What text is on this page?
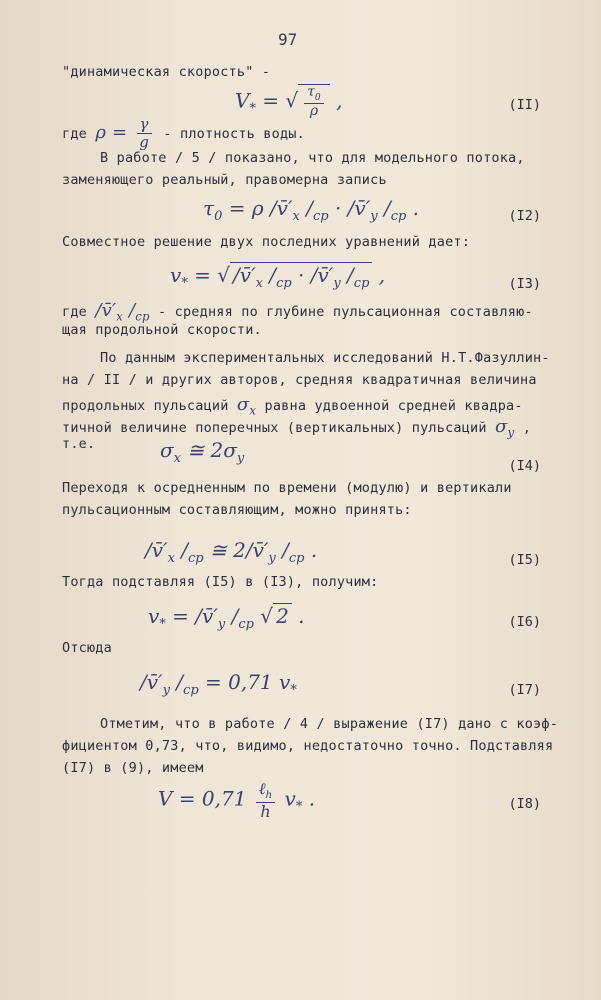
97
"динамическая скорость" -
$V_*$ = √ $\frac{\tau_0}{\rho}$ ,	(II)
где $\rho = \frac{\gamma}{g}$ - плотность воды.
В работе / 5 / показано, что для модельного потока,
заменяющего реальный, правомерна запись
$\tau_0 = \rho$ $/v̄'_x$ $/_{cp}$ · $/v̄'_y$ $/_{cp}$ .	(I2)
Совместное решение двух последних уравнений дает:
$v_*$ = √ $/v̄'_x$ $/_{cp}$ · $/v̄'_y$ $/_{cp}$ ,	(I3)
где $/v̄'_x$ $/_{cp}$ - средняя по глубине пульсационная составляю-
щая продольной скорости.
По данным экспериментальных исследований Н.Т.Фазуллин-
на / II / и других авторов, средняя квадратичная величина
продольных пульсаций $\sigma_x$ равна удвоенной средней квадра-
тичной величине поперечных (вертикальных) пульсаций $\sigma_y$ ,
т.е.	$\sigma_x$ ≅ $2\sigma_y$	(I4)
Переходя к осредненным по времени (модулю) и вертикали
пульсационным составляющим, можно принять:
$/v̄'_x$ $/_{cp}$ ≅ $2/v̄'_y$ $/_{cp}$ .	(I5)
Тогда подставляя (I5) в (I3), получим:
$v_*$ = $/v̄'_y$ $/_{cp}$ √ 2 .	(I6)
Отсюда
$/v̄'_y$ $/_{cp} = 0,71$ $v_*$	(I7)
Отметим, что в работе / 4 / выражение (I7) дано с коэф-
фициентом 0,73, что, видимо, недостаточно точно. Подставляя
(I7) в (9), имеем
$V = 0,71 \frac{\ell_h}{h} v_*$ .	(I8)
